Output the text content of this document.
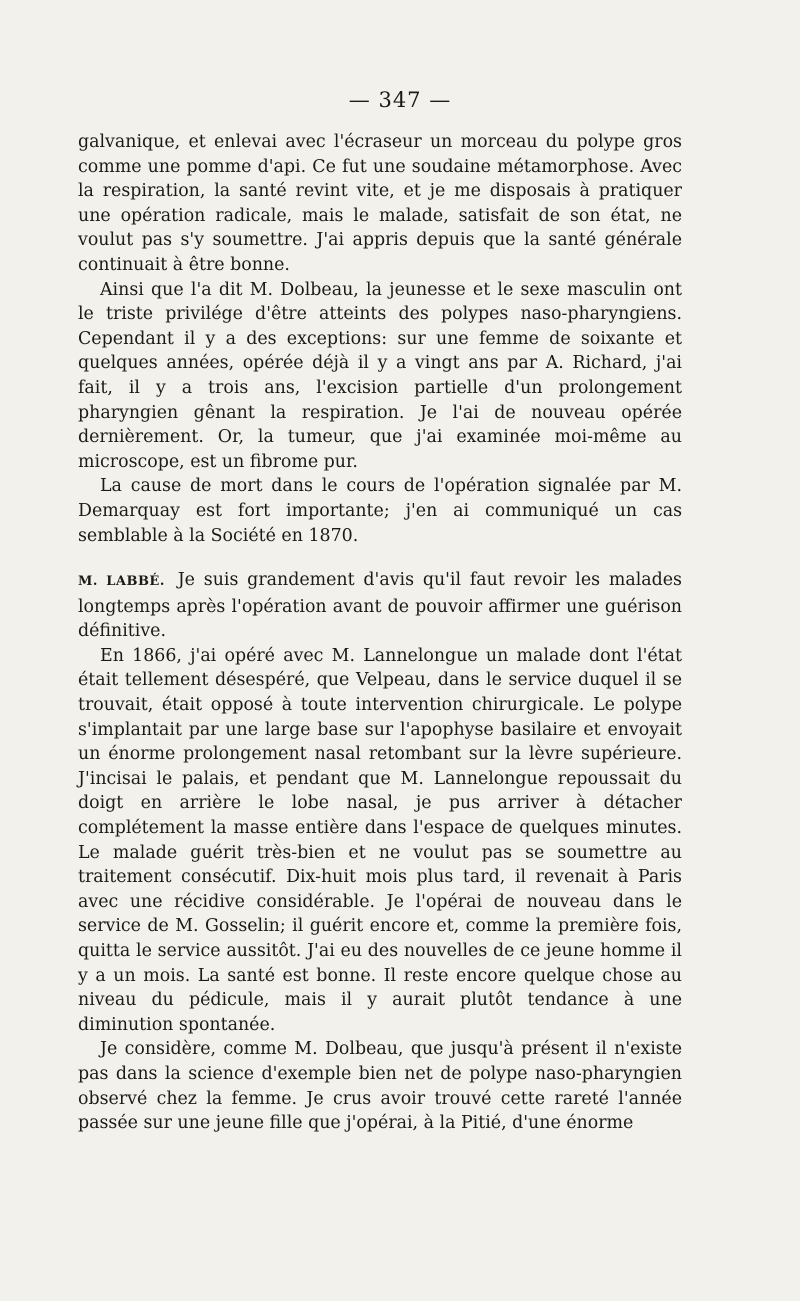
— 347 —

galvanique, et enlevai avec l'écraseur un morceau du polype gros comme une pomme d'api. Ce fut une soudaine métamorphose. Avec la respiration, la santé revint vite, et je me disposais à pratiquer une opération radicale, mais le malade, satisfait de son état, ne voulut pas s'y soumettre. J'ai appris depuis que la santé générale continuait à être bonne.

Ainsi que l'a dit M. Dolbeau, la jeunesse et le sexe masculin ont le triste privilége d'être atteints des polypes naso-pharyngiens. Cependant il y a des exceptions: sur une femme de soixante et quelques années, opérée déjà il y a vingt ans par A. Richard, j'ai fait, il y a trois ans, l'excision partielle d'un prolongement pharyngien gênant la respiration. Je l'ai de nouveau opérée dernièrement. Or, la tumeur, que j'ai examinée moi-même au microscope, est un fibrome pur.

La cause de mort dans le cours de l'opération signalée par M. Demarquay est fort importante; j'en ai communiqué un cas semblable à la Société en 1870.

M. LABBÉ. Je suis grandement d'avis qu'il faut revoir les malades longtemps après l'opération avant de pouvoir affirmer une guérison définitive.

En 1866, j'ai opéré avec M. Lannelongue un malade dont l'état était tellement désespéré, que Velpeau, dans le service duquel il se trouvait, était opposé à toute intervention chirurgicale. Le polype s'implantait par une large base sur l'apophyse basilaire et envoyait un énorme prolongement nasal retombant sur la lèvre supérieure. J'incisai le palais, et pendant que M. Lannelongue repoussait du doigt en arrière le lobe nasal, je pus arriver à détacher complétement la masse entière dans l'espace de quelques minutes. Le malade guérit très-bien et ne voulut pas se soumettre au traitement consécutif. Dix-huit mois plus tard, il revenait à Paris avec une récidive considérable. Je l'opérai de nouveau dans le service de M. Gosselin; il guérit encore et, comme la première fois, quitta le service aussitôt. J'ai eu des nouvelles de ce jeune homme il y a un mois. La santé est bonne. Il reste encore quelque chose au niveau du pédicule, mais il y aurait plutôt tendance à une diminution spontanée.

Je considère, comme M. Dolbeau, que jusqu'à présent il n'existe pas dans la science d'exemple bien net de polype naso-pharyngien observé chez la femme. Je crus avoir trouvé cette rareté l'année passée sur une jeune fille que j'opérai, à la Pitié, d'une énorme
